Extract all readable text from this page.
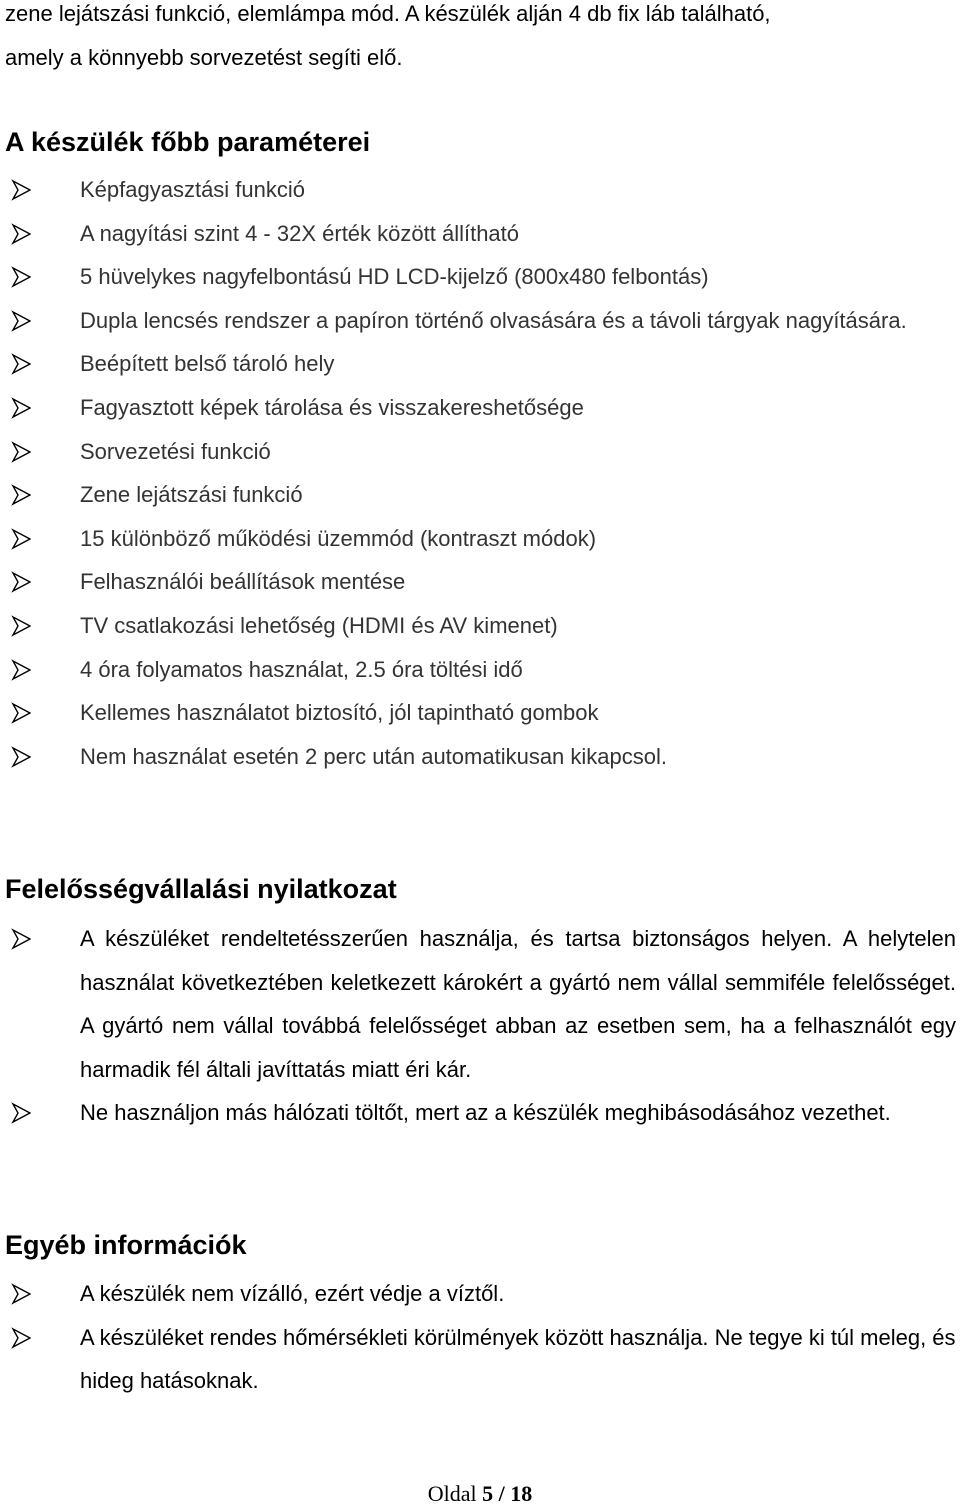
zene lejátszási funkció, elemlámpa mód. A készülék alján 4 db fix láb található,
amely a könnyebb sorvezetést segíti elő.

A készülék főbb paraméterei
Képfagyasztási funkció
A nagyítási szint 4 - 32X érték között állítható
5 hüvelykes nagyfelbontású HD LCD-kijelző (800x480 felbontás)
Dupla lencsés rendszer a papíron történő olvasására és a távoli tárgyak nagyítására.
Beépített belső tároló hely
Fagyasztott képek tárolása és visszakereshetősége
Sorvezetési funkció
Zene lejátszási funkció
15 különböző működési üzemmód (kontraszt módok)
Felhasználói beállítások mentése
TV csatlakozási lehetőség (HDMI és AV kimenet)
4 óra folyamatos használat, 2.5 óra töltési idő
Kellemes használatot biztosító, jól tapintható gombok
Nem használat esetén 2 perc után automatikusan kikapcsol.
Felelősségvállalási nyilatkozat
A készüléket rendeltetésszerűen használja, és tartsa biztonságos helyen. A helytelen használat következtében keletkezett károkért a gyártó nem vállal semmiféle felelősséget. A gyártó nem vállal továbbá felelősséget abban az esetben sem, ha a felhasználót egy harmadik fél általi javíttatás miatt éri kár.
Ne használjon más hálózati töltőt, mert az a készülék meghibásodásához vezethet.
Egyéb információk
A készülék nem vízálló, ezért védje a víztől.
A készüléket rendes hőmérsékleti körülmények között használja. Ne tegye ki túl meleg, és hideg hatásoknak.
Oldal 5 / 18
